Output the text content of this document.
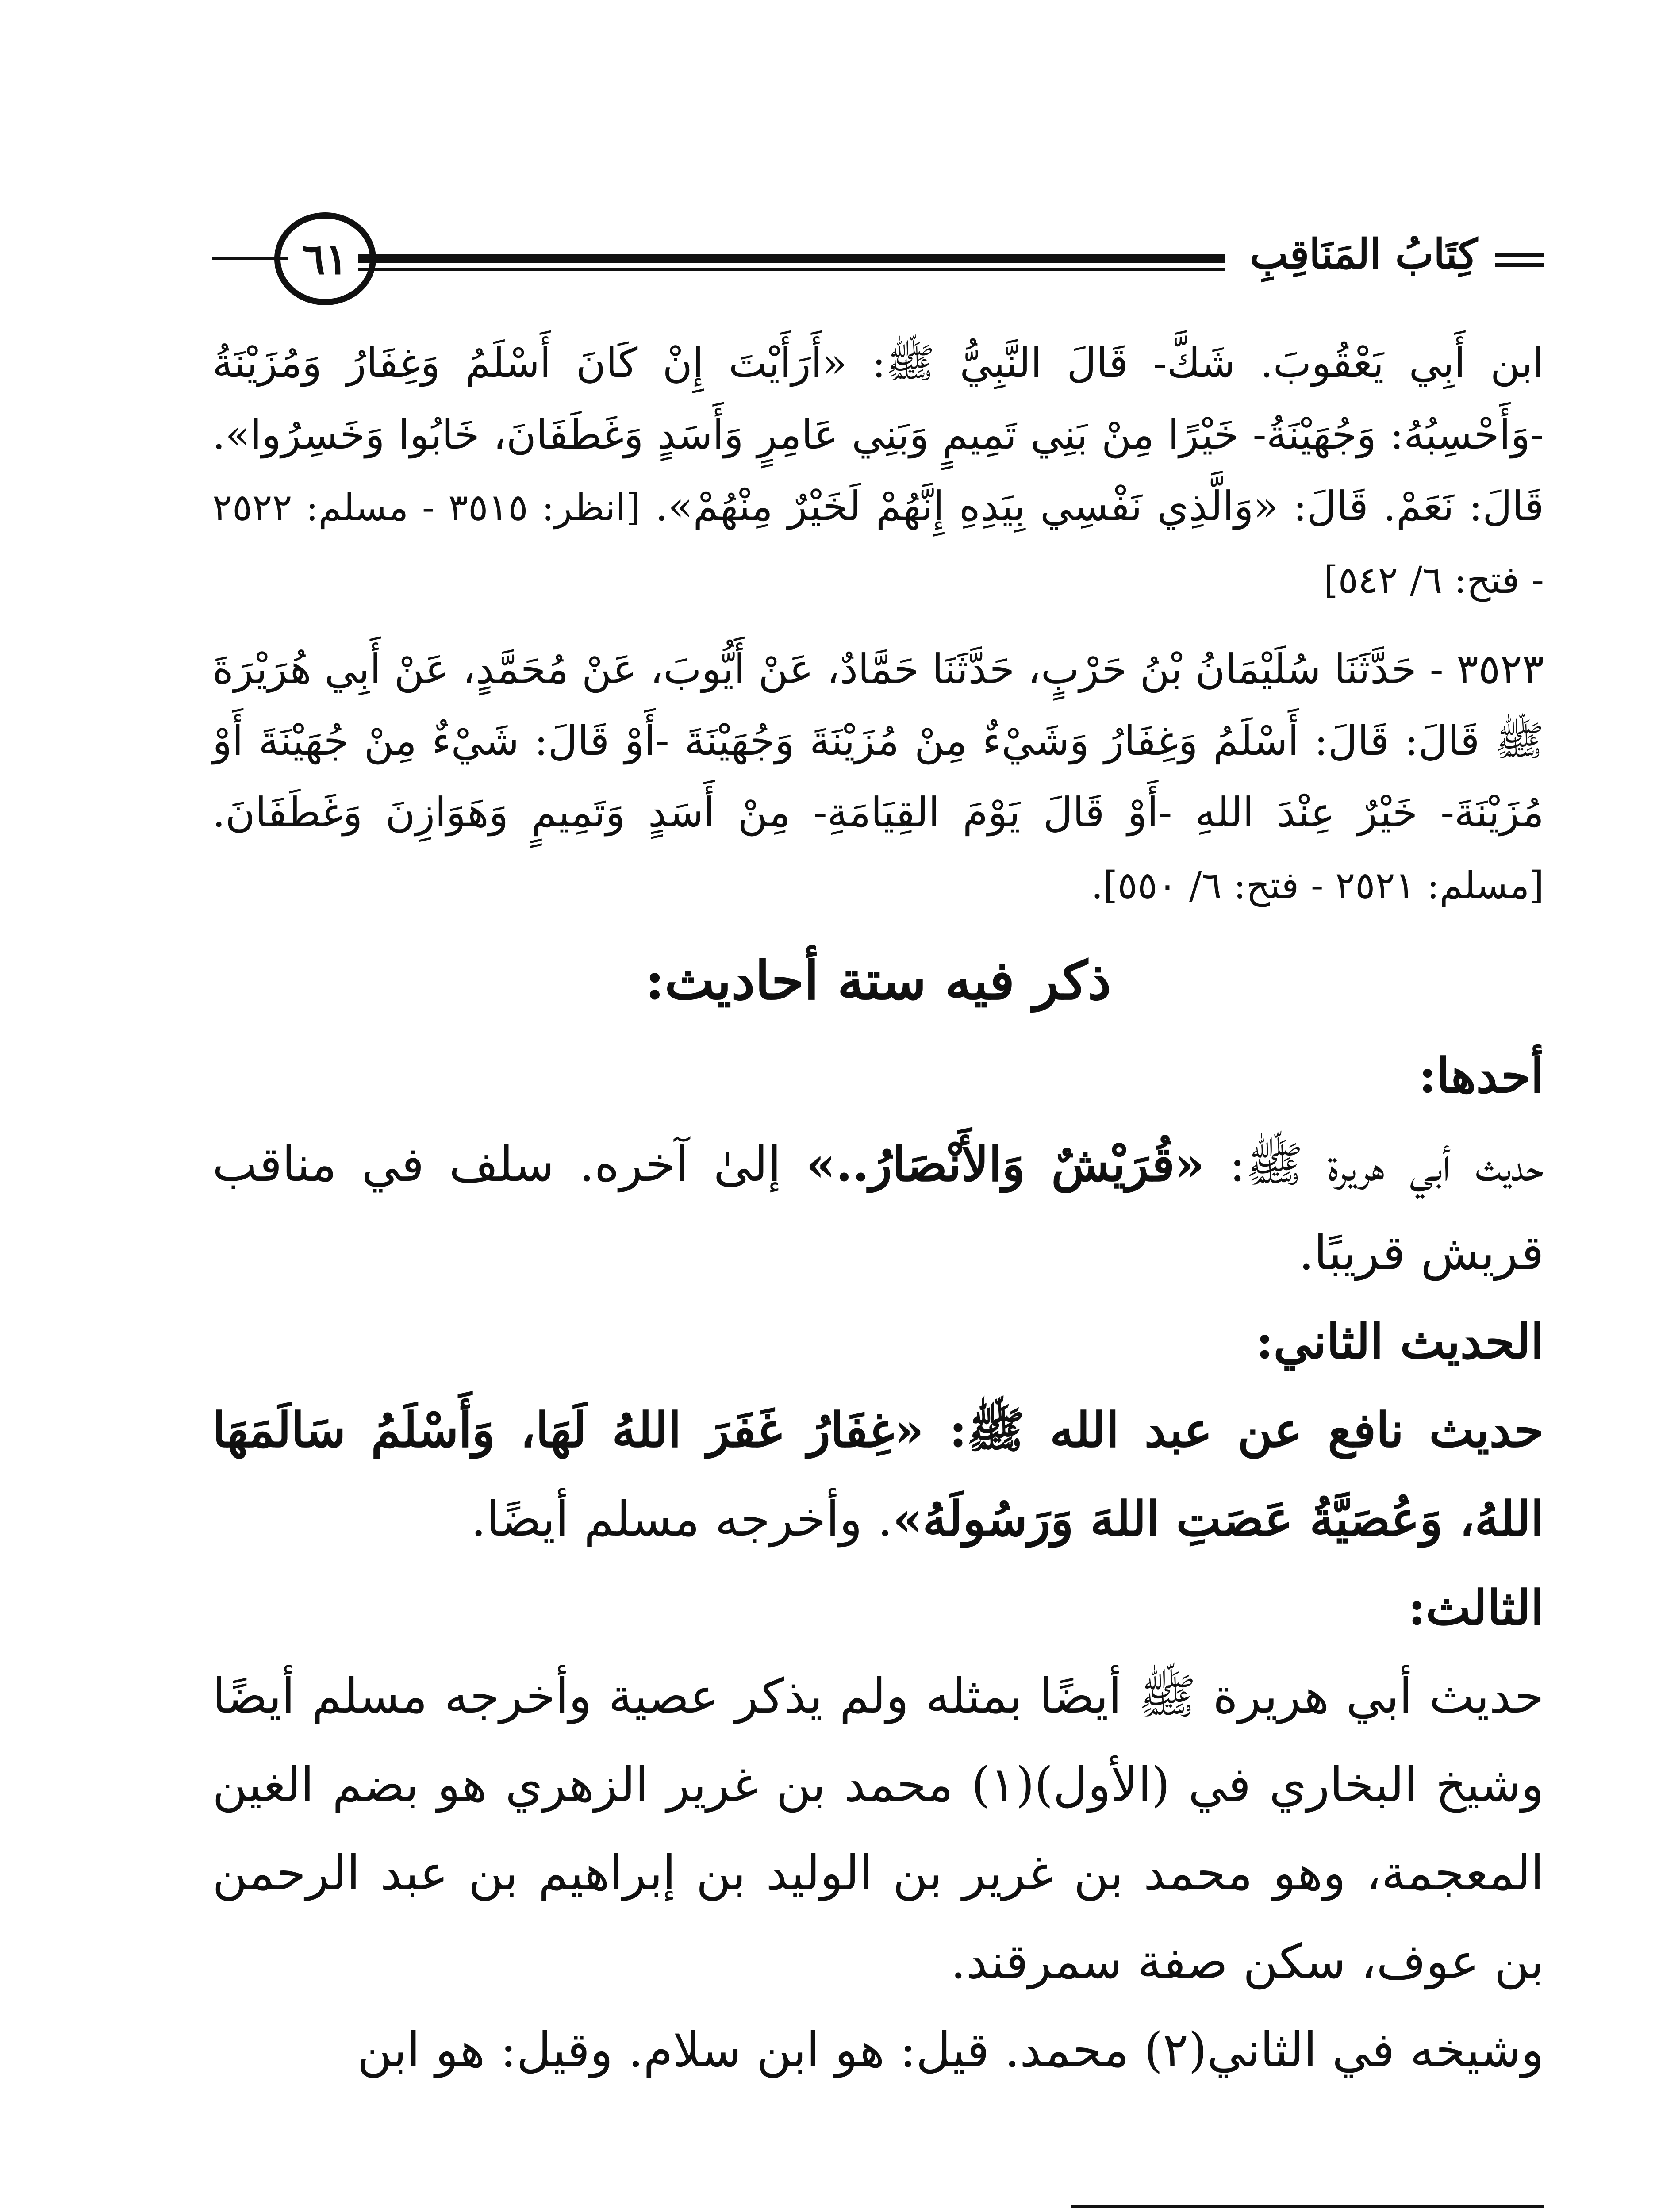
كِتَابُ المَنَاقِبِ
٦١

ابن أَبِي يَعْقُوبَ. شَكَّ- قَالَ النَّبِيُّ ﷺ: «أَرَأَيْتَ إِنْ كَانَ أَسْلَمُ وَغِفَارُ وَمُزَيْنَةُ -وَأَحْسِبُهُ: وَجُهَيْنَةُ- خَيْرًا مِنْ بَنِي تَمِيمٍ وَبَنِي عَامِرٍ وَأَسَدٍ وَغَطَفَانَ، خَابُوا وَخَسِرُوا». قَالَ: نَعَمْ. قَالَ: «وَالَّذِي نَفْسِي بِيَدِهِ إِنَّهُمْ لَخَيْرٌ مِنْهُمْ». [انظر: ٣٥١٥ - مسلم: ٢٥٢٢ - فتح: ٦/ ٥٤٢]

٣٥٢٣ - حَدَّثَنَا سُلَيْمَانُ بْنُ حَرْبٍ، حَدَّثَنَا حَمَّادٌ، عَنْ أَيُّوبَ، عَنْ مُحَمَّدٍ، عَنْ أَبِي هُرَيْرَةَ ﷺ قَالَ: قَالَ: أَسْلَمُ وَغِفَارُ وَشَيْءٌ مِنْ مُزَيْنَةَ وَجُهَيْنَةَ -أَوْ قَالَ: شَيْءٌ مِنْ جُهَيْنَةَ أَوْ مُزَيْنَةَ- خَيْرٌ عِنْدَ اللهِ -أَوْ قَالَ يَوْمَ القِيَامَةِ- مِنْ أَسَدٍ وَتَمِيمٍ وَهَوَازِنَ وَغَطَفَانَ. [مسلم: ٢٥٢١ - فتح: ٦/ ٥٥٠].

ذكر فيه ستة أحاديث:

أحدها:

حديث أبي هريرة ﷺ: «قُرَيْشٌ وَالأَنْصَارُ..» إلىٰ آخره. سلف في مناقب قريش قريبًا.

الحديث الثاني:

حديث نافع عن عبد الله ﷺ: «غِفَارُ غَفَرَ اللهُ لَهَا، وَأَسْلَمُ سَالَمَهَا اللهُ، وَعُصَيَّةُ عَصَتِ اللهَ وَرَسُولَهُ». وأخرجه مسلم أيضًا.

الثالث:

حديث أبي هريرة ﷺ أيضًا بمثله ولم يذكر عصية وأخرجه مسلم أيضًا وشيخ البخاري في (الأول)(١) محمد بن غرير الزهري هو بضم الغين المعجمة، وهو محمد بن غرير بن الوليد بن إبراهيم بن عبد الرحمن بن عوف، سكن صفة سمرقند.

وشيخه في الثاني(٢) محمد. قيل: هو ابن سلام. وقيل: هو ابن
